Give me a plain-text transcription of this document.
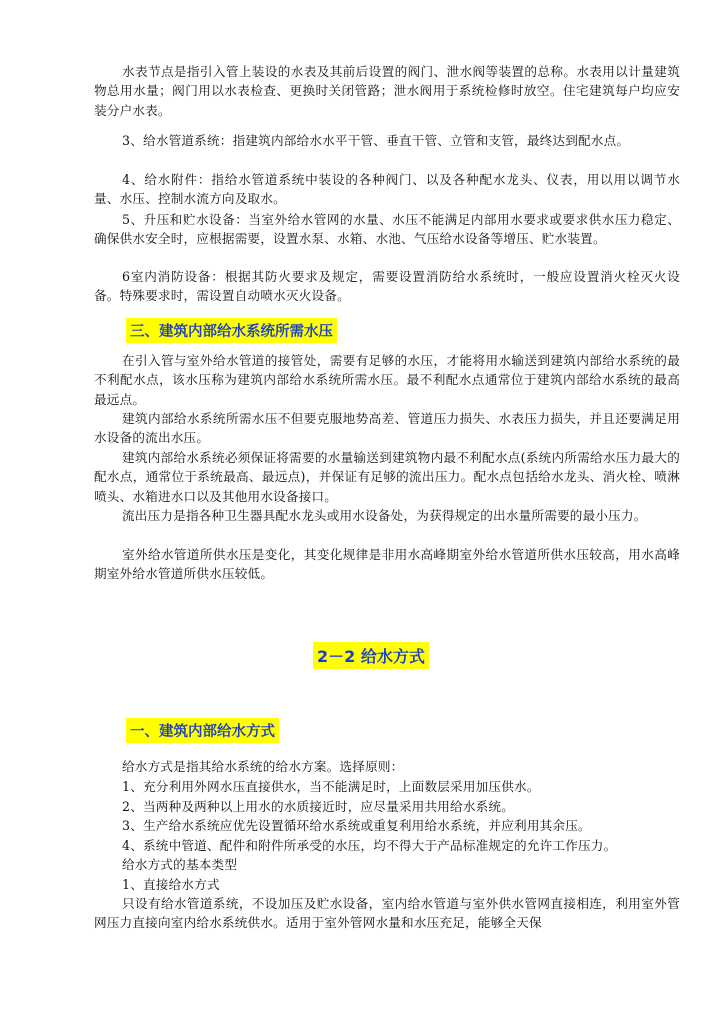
水表节点是指引入管上装设的水表及其前后设置的阀门、泄水阀等装置的总称。水表用以计量建筑物总用水量；阀门用以水表检查、更换时关闭管路；泄水阀用于系统检修时放空。住宅建筑每户均应安装分户水表。

3、给水管道系统：指建筑内部给水水平干管、垂直干管、立管和支管，最终达到配水点。

4、给水附件：指给水管道系统中装设的各种阀门、以及各种配水龙头、仪表，用以用以调节水量、水压、控制水流方向及取水。

5、升压和贮水设备：当室外给水管网的水量、水压不能满足内部用水要求或要求供水压力稳定、确保供水安全时，应根据需要，设置水泵、水箱、水池、气压给水设备等增压、贮水装置。

6室内消防设备：根据其防火要求及规定，需要设置消防给水系统时，一般应设置消火栓灭火设备。特殊要求时，需设置自动喷水灭火设备。

三、建筑内部给水系统所需水压

在引入管与室外给水管道的接管处，需要有足够的水压，才能将用水输送到建筑内部给水系统的最不利配水点，该水压称为建筑内部给水系统所需水压。最不利配水点通常位于建筑内部给水系统的最高最远点。

建筑内部给水系统所需水压不但要克服地势高差、管道压力损失、水表压力损失，并且还要满足用水设备的流出水压。

建筑内部给水系统必须保证将需要的水量输送到建筑物内最不利配水点(系统内所需给水压力最大的配水点，通常位于系统最高、最远点)，并保证有足够的流出压力。配水点包括给水龙头、消火栓、喷淋喷头、水箱进水口以及其他用水设备接口。

流出压力是指各种卫生器具配水龙头或用水设备处，为获得规定的出水量所需要的最小压力。

室外给水管道所供水压是变化，其变化规律是非用水高峰期室外给水管道所供水压较高，用水高峰期室外给水管道所供水压较低。

2－2 给水方式
一、建筑内部给水方式

给水方式是指其给水系统的给水方案。选择原则：

1、充分利用外网水压直接供水，当不能满足时，上面数层采用加压供水。

2、当两种及两种以上用水的水质接近时，应尽量采用共用给水系统。

3、生产给水系统应优先设置循环给水系统或重复利用给水系统，并应利用其余压。

4、系统中管道、配件和附件所承受的水压，均不得大于产品标准规定的允许工作压力。

给水方式的基本类型

1、直接给水方式

只设有给水管道系统，不设加压及贮水设备，室内给水管道与室外供水管网直接相连，利用室外管网压力直接向室内给水系统供水。适用于室外管网水量和水压充足，能够全天保
